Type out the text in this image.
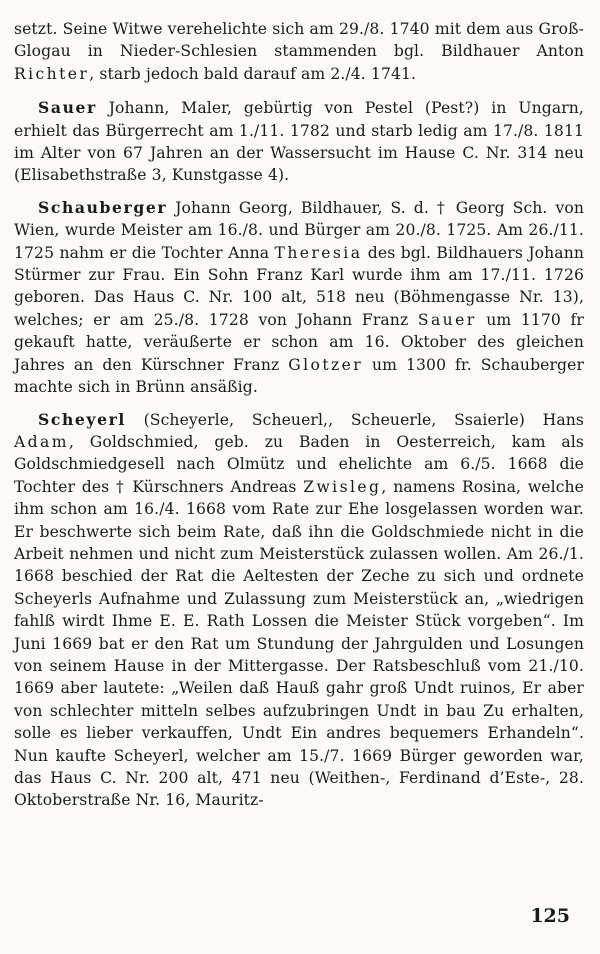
setzt. Seine Witwe verehelichte sich am 29./8. 1740 mit dem aus Groß-Glogau in Nieder-Schlesien stammenden bgl. Bildhauer Anton Richter, starb jedoch bald darauf am 2./4. 1741.

Sauer Johann, Maler, gebürtig von Pestel (Pest?) in Ungarn, erhielt das Bürgerrecht am 1./11. 1782 und starb ledig am 17./8. 1811 im Alter von 67 Jahren an der Wassersucht im Hause C. Nr. 314 neu (Elisabethstraße 3, Kunstgasse 4).

Schauberger Johann Georg, Bildhauer, S. d. † Georg Sch. von Wien, wurde Meister am 16./8. und Bürger am 20./8. 1725. Am 26./11. 1725 nahm er die Tochter Anna Theresia des bgl. Bildhauers Johann Stürmer zur Frau. Ein Sohn Franz Karl wurde ihm am 17./11. 1726 geboren. Das Haus C. Nr. 100 alt, 518 neu (Böhmengasse Nr. 13), welches; er am 25./8. 1728 von Johann Franz Sauer um 1170 fr gekauft hatte, veräußerte er schon am 16. Oktober des gleichen Jahres an den Kürschner Franz Glotzer um 1300 fr. Schauberger machte sich in Brünn ansäßig.

Scheyerl (Scheyerle, Scheuerl,, Scheuerle, Ssaierle) Hans Adam, Goldschmied, geb. zu Baden in Oesterreich, kam als Goldschmiedgesell nach Olmütz und ehelichte am 6./5. 1668 die Tochter des † Kürschners Andreas Zwisleg, namens Rosina, welche ihm schon am 16./4. 1668 vom Rate zur Ehe losgelassen worden war. Er beschwerte sich beim Rate, daß ihn die Goldschmiede nicht in die Arbeit nehmen und nicht zum Meisterstück zulassen wollen. Am 26./1. 1668 beschied der Rat die Aeltesten der Zeche zu sich und ordnete Scheyerls Aufnahme und Zulassung zum Meisterstück an, „wiedrigen fahlß wirdt Ihme E. E. Rath Lossen die Meister Stück vorgeben“. Im Juni 1669 bat er den Rat um Stundung der Jahrgulden und Losungen von seinem Hause in der Mittergasse. Der Ratsbeschluß vom 21./10. 1669 aber lautete: „Weilen daß Hauß gahr groß Undt ruinos, Er aber von schlechter mitteln selbes aufzubringen Undt in bau Zu erhalten, solle es lieber verkauffen, Undt Ein andres bequemers Erhandeln“. Nun kaufte Scheyerl, welcher am 15./7. 1669 Bürger geworden war, das Haus C. Nr. 200 alt, 471 neu (Weithen-, Ferdinand d’Este-, 28. Oktoberstraße Nr. 16, Mauritz-

125
